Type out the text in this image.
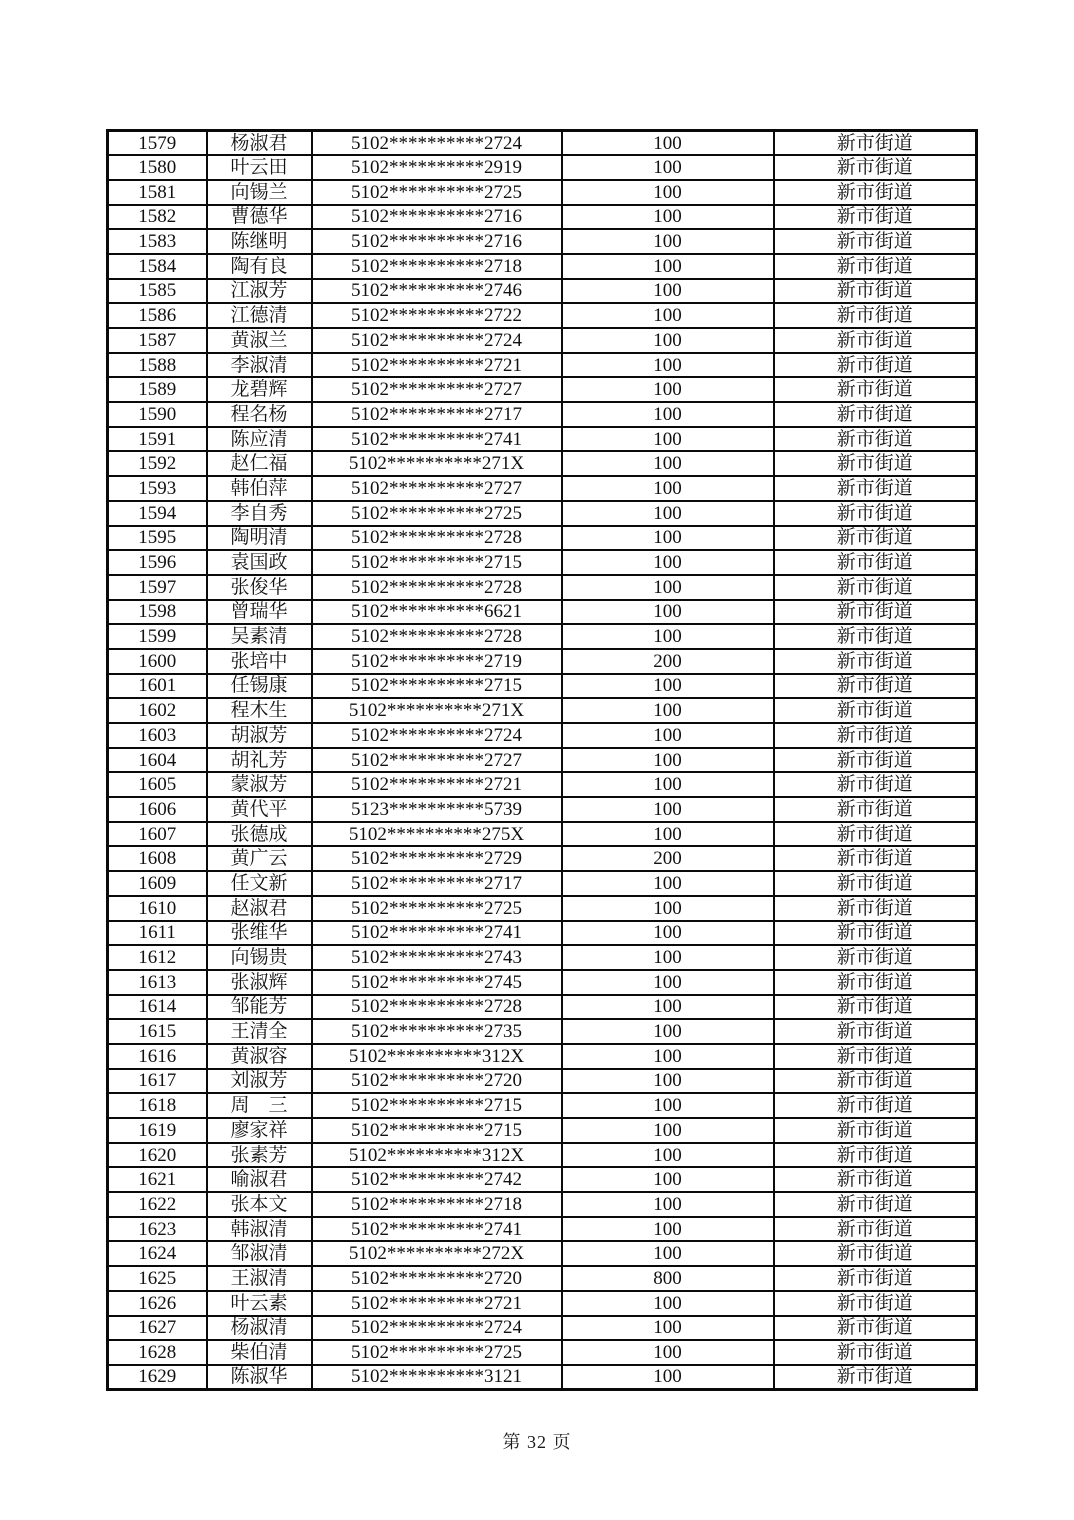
1579	杨淑君	5102**********2724	100	新市街道
1580	叶云田	5102**********2919	100	新市街道
1581	向锡兰	5102**********2725	100	新市街道
1582	曹德华	5102**********2716	100	新市街道
1583	陈继明	5102**********2716	100	新市街道
1584	陶有良	5102**********2718	100	新市街道
1585	江淑芳	5102**********2746	100	新市街道
1586	江德清	5102**********2722	100	新市街道
1587	黄淑兰	5102**********2724	100	新市街道
1588	李淑清	5102**********2721	100	新市街道
1589	龙碧辉	5102**********2727	100	新市街道
1590	程名杨	5102**********2717	100	新市街道
1591	陈应清	5102**********2741	100	新市街道
1592	赵仁福	5102**********271X	100	新市街道
1593	韩伯萍	5102**********2727	100	新市街道
1594	李自秀	5102**********2725	100	新市街道
1595	陶明清	5102**********2728	100	新市街道
1596	袁国政	5102**********2715	100	新市街道
1597	张俊华	5102**********2728	100	新市街道
1598	曾瑞华	5102**********6621	100	新市街道
1599	吴素清	5102**********2728	100	新市街道
1600	张培中	5102**********2719	200	新市街道
1601	任锡康	5102**********2715	100	新市街道
1602	程木生	5102**********271X	100	新市街道
1603	胡淑芳	5102**********2724	100	新市街道
1604	胡礼芳	5102**********2727	100	新市街道
1605	蒙淑芳	5102**********2721	100	新市街道
1606	黄代平	5123**********5739	100	新市街道
1607	张德成	5102**********275X	100	新市街道
1608	黄广云	5102**********2729	200	新市街道
1609	任文新	5102**********2717	100	新市街道
1610	赵淑君	5102**********2725	100	新市街道
1611	张维华	5102**********2741	100	新市街道
1612	向锡贵	5102**********2743	100	新市街道
1613	张淑辉	5102**********2745	100	新市街道
1614	邹能芳	5102**********2728	100	新市街道
1615	王清全	5102**********2735	100	新市街道
1616	黄淑容	5102**********312X	100	新市街道
1617	刘淑芳	5102**********2720	100	新市街道
1618	周　三	5102**********2715	100	新市街道
1619	廖家祥	5102**********2715	100	新市街道
1620	张素芳	5102**********312X	100	新市街道
1621	喻淑君	5102**********2742	100	新市街道
1622	张本文	5102**********2718	100	新市街道
1623	韩淑清	5102**********2741	100	新市街道
1624	邹淑清	5102**********272X	100	新市街道
1625	王淑清	5102**********2720	800	新市街道
1626	叶云素	5102**********2721	100	新市街道
1627	杨淑清	5102**********2724	100	新市街道
1628	柴伯清	5102**********2725	100	新市街道
1629	陈淑华	5102**********3121	100	新市街道
第 32 页
